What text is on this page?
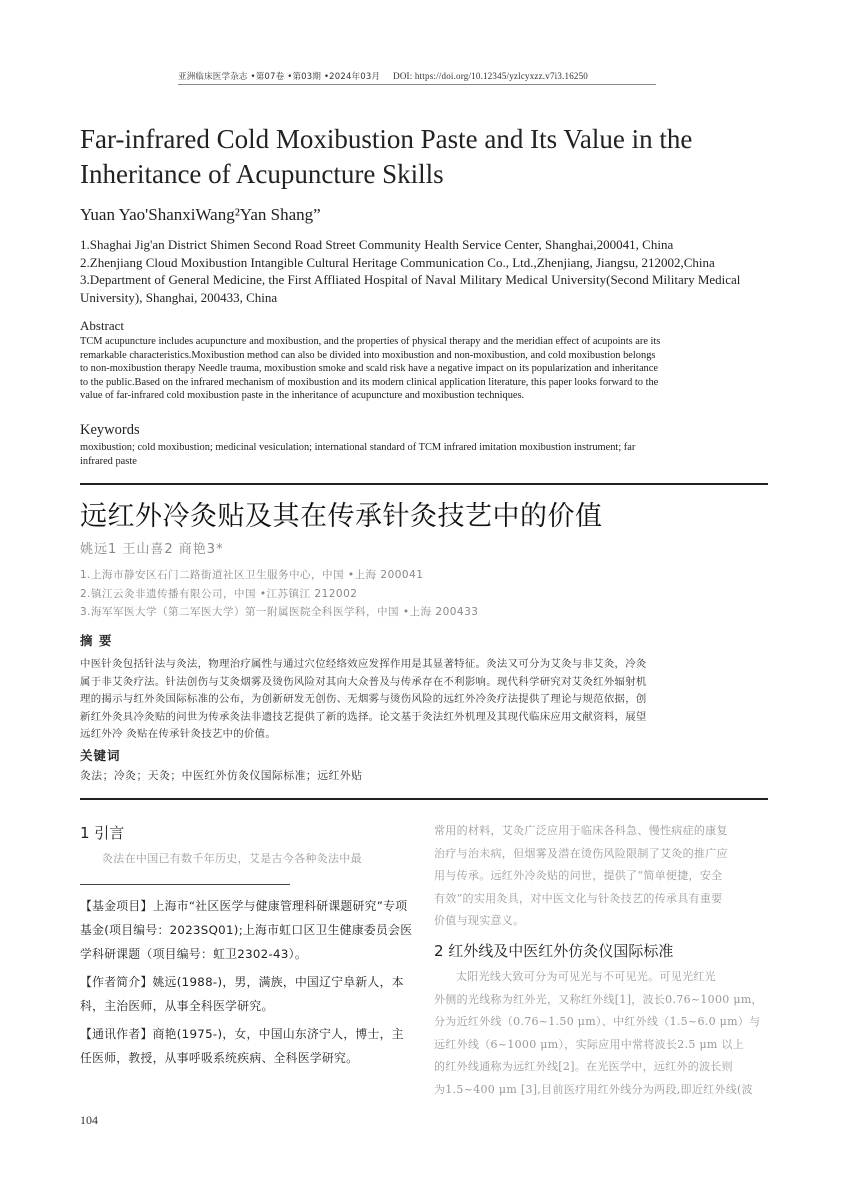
亚洲临床医学杂志 •第07卷 •第03期 •2024年03月 DOI: https://doi.org/10.12345/yzlcyxzz.v7i3.16250
Far-infrared Cold Moxibustion Paste and Its Value in the Inheritance of Acupuncture Skills
Yuan Yao'ShanxiWang²Yan Shang”
1.Shaghai Jig'an District Shimen Second Road Street Community Health Service Center, Shanghai,200041, China
2.Zhenjiang Cloud Moxibustion Intangible Cultural Heritage Communication Co., Ltd.,Zhenjiang, Jiangsu, 212002,China
3.Department of General Medicine, the First Affliated Hospital of Naval Military Medical University(Second Military Medical University), Shanghai, 200433, China
Abstract
TCM acupuncture includes acupuncture and moxibustion, and the properties of physical therapy and the meridian effect of acupoints are its
remarkable characteristics.Moxibustion method can also be divided into moxibustion and non-moxibustion, and cold moxibustion belongs
to non-moxibustion therapy Needle trauma, moxibustion smoke and scald risk have a negative impact on its popularization and inheritance
to the public.Based on the infrared mechanism of moxibustion and its modern clinical application literature, this paper looks forward to the
value of far-infrared cold moxibustion paste in the inheritance of acupuncture and moxibustion techniques.
Keywords
moxibustion; cold moxibustion; medicinal vesiculation; international standard of TCM infrared imitation moxibustion instrument; far
infrared paste
远红外冷灸贴及其在传承针灸技艺中的价值
姚远1 王山喜2 商艳3*
1.上海市静安区石门二路街道社区卫生服务中心，中国 •上海 200041
2.镇江云灸非遗传播有限公司，中国 •江苏镇江 212002
3.海军军医大学（第二军医大学）第一附属医院全科医学科，中国 •上海 200433
摘 要
中医针灸包括针法与灸法，物理治疗属性与通过穴位经络效应发挥作用是其显著特征。灸法又可分为艾灸与非艾灸，冷灸
属于非艾灸疗法。针法创伤与艾灸烟雾及烫伤风险对其向大众普及与传承存在不利影响。现代科学研究对艾灸红外辐射机
理的揭示与红外灸国际标准的公布，为创新研发无创伤、无烟雾与烫伤风险的远红外冷灸疗法提供了理论与规范依据，创
新红外灸具冷灸贴的问世为传承灸法非遗技艺提供了新的选择。论文基于灸法红外机理及其现代临床应用文献资料，展望
远红外冷 灸贴在传承针灸技艺中的价值。
关键词
灸法；冷灸；天灸；中医红外仿灸仪国际标准；远红外贴
1 引言
灸法在中国已有数千年历史，艾是古今各种灸法中最

【基金项目】上海市“社区医学与健康管理科研课题研究”专项基金(项目编号：2023SQ01);上海市虹口区卫生健康委员会医学科研课题（项目编号：虹卫2302-43）。

【作者简介】姚远(1988-)，男，满族，中国辽宁阜新人，本科，主治医师，从事全科医学研究。

【通讯作者】商艳(1975-)，女，中国山东济宁人，博士，主任医师，教授，从事呼吸系统疾病、全科医学研究。

常用的材料，艾灸广泛应用于临床各科急、慢性病症的康复
治疗与治未病，但烟雾及潜在烫伤风险限制了艾灸的推广应
用与传承。远红外冷灸贴的问世，提供了“简单便捷，安全
有效”的实用灸具，对中医文化与针灸技艺的传承具有重要
价值与现实意义。
2 红外线及中医红外仿灸仪国际标准
太阳光线大致可分为可见光与不可见光。可见光红光
外侧的光线称为红外光，又称红外线[1]，波长0.76~1000 μm，
分为近红外线（0.76~1.50 μm）、中红外线（1.5~6.0 μm）与
远红外线（6~1000 μm），实际应用中常将波长2.5 μm 以上
的红外线通称为远红外线[2]。在光医学中，远红外的波长则
为1.5~400 μm [3],目前医疗用红外线分为两段,即近红外线(波
104
